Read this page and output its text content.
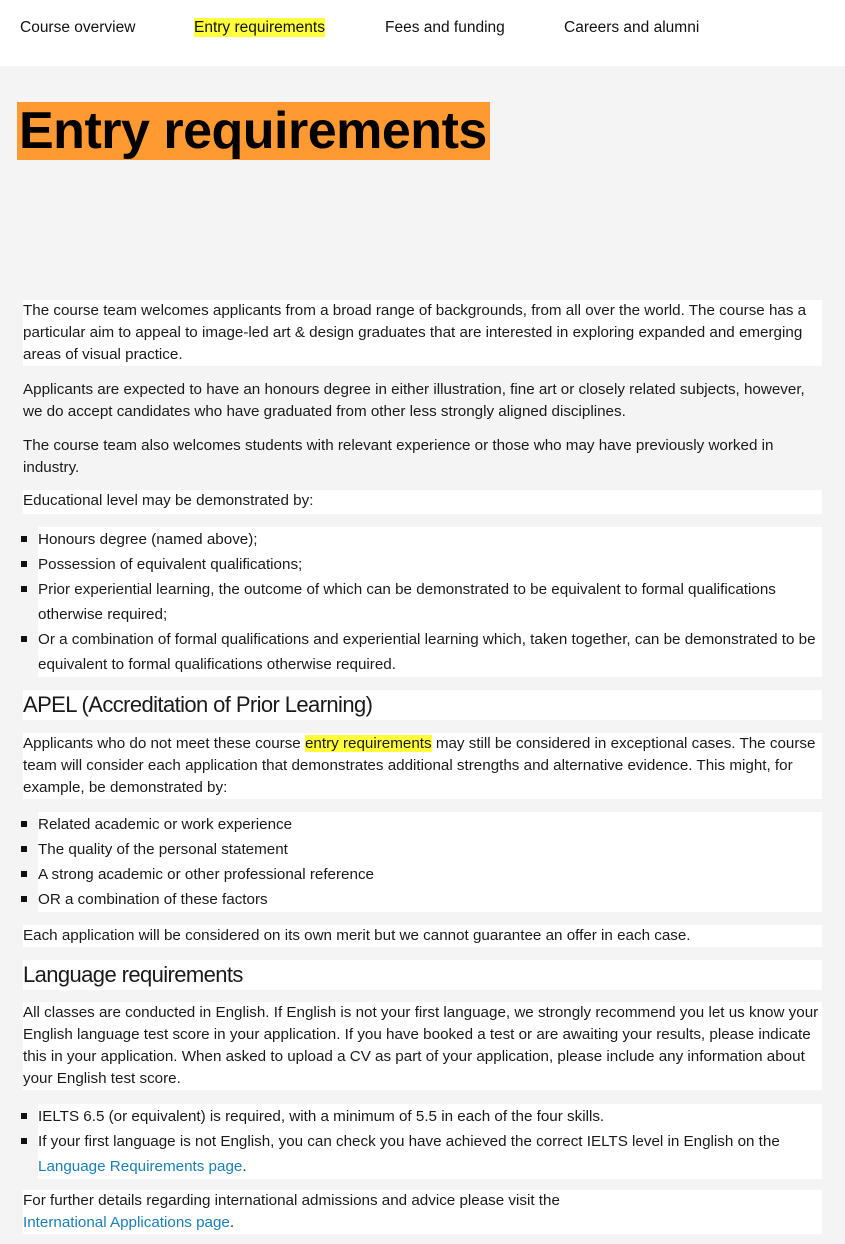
Course overview	Entry requirements	Fees and funding	Careers and alumni
Entry requirements

The course team welcomes applicants from a broad range of backgrounds, from all over the world. The course has a particular aim to appeal to image-led art & design graduates that are interested in exploring expanded and emerging areas of visual practice.

Applicants are expected to have an honours degree in either illustration, fine art or closely related subjects, however, we do accept candidates who have graduated from other less strongly aligned disciplines.

The course team also welcomes students with relevant experience or those who may have previously worked in industry.

Educational level may be demonstrated by:

Honours degree (named above);
Possession of equivalent qualifications;
Prior experiential learning, the outcome of which can be demonstrated to be equivalent to formal qualifications otherwise required;
Or a combination of formal qualifications and experiential learning which, taken together, can be demonstrated to be equivalent to formal qualifications otherwise required.
APEL (Accreditation of Prior Learning)

Applicants who do not meet these course entry requirements may still be considered in exceptional cases. The course team will consider each application that demonstrates additional strengths and alternative evidence. This might, for example, be demonstrated by:

Related academic or work experience
The quality of the personal statement
A strong academic or other professional reference
OR a combination of these factors

Each application will be considered on its own merit but we cannot guarantee an offer in each case.

Language requirements

All classes are conducted in English. If English is not your first language, we strongly recommend you let us know your English language test score in your application. If you have booked a test or are awaiting your results, please indicate this in your application. When asked to upload a CV as part of your application, please include any information about your English test score.

IELTS 6.5 (or equivalent) is required, with a minimum of 5.5 in each of the four skills.
If your first language is not English, you can check you have achieved the correct IELTS level in English on the Language Requirements page.

For further details regarding international admissions and advice please visit the
International Applications page.
